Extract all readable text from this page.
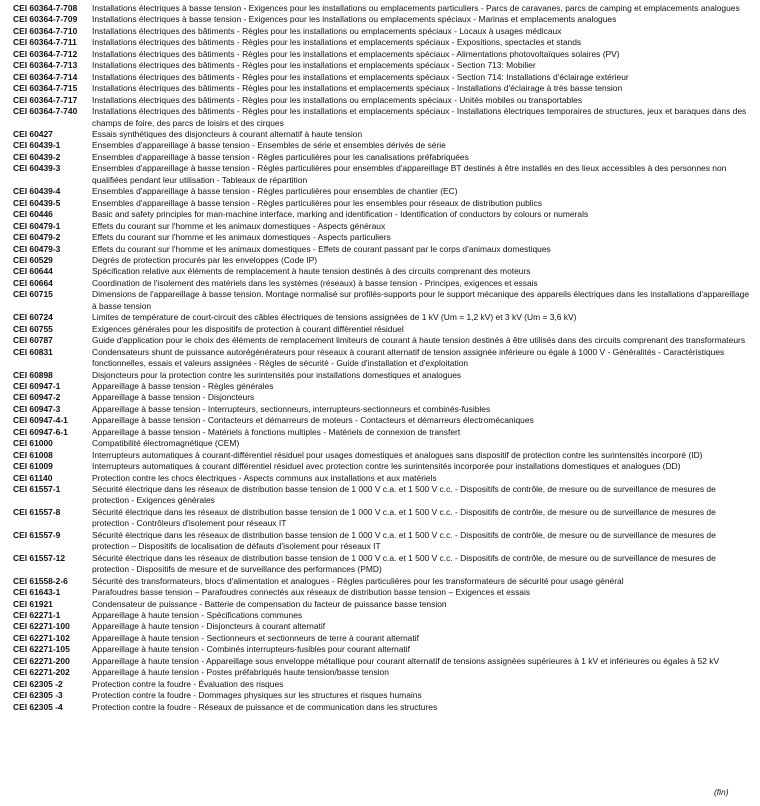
CEI 60364-7-708	Installations électriques à basse tension - Exigences pour les installations ou emplacements particuliers - Parcs de caravanes, parcs de camping et emplacements analogues
CEI 60364-7-709	Installations électriques à basse tension - Exigences pour les installations ou emplacements spéciaux - Marinas et emplacements analogues
CEI 60364-7-710	Installations électriques des bâtiments - Règles pour les installations ou emplacements spéciaux - Locaux à usages médicaux
CEI 60364-7-711	Installations électriques des bâtiments - Règles pour les installations et emplacements spéciaux - Expositions, spectacles et stands
CEI 60364-7-712	Installations électriques des bâtiments - Règles pour les installations et emplacements spéciaux - Alimentations photovoltaïques solaires (PV)
CEI 60364-7-713	Installations électriques des bâtiments - Règles pour les installations et emplacements spéciaux - Section 713: Mobilier
CEI 60364-7-714	Installations électriques des bâtiments - Règles pour les installations et emplacements spéciaux - Section 714: Installations d'éclairage extérieur
CEI 60364-7-715	Installations électriques des bâtiments - Règles pour les installations et emplacements spéciaux - Installations d'éclairage à très basse tension
CEI 60364-7-717	Installations électriques des bâtiments - Règles pour les installations ou emplacements spéciaux - Unités mobiles ou transportables
CEI 60364-7-740	Installations électriques des bâtiments - Règles pour les installations et emplacements spéciaux - Installations électriques temporaires de structures, jeux et baraques dans des champs de foire, des parcs de loisirs et des cirques
CEI 60427	Essais synthétiques des disjoncteurs à courant alternatif à haute tension
CEI 60439-1	Ensembles d'appareillage à basse tension - Ensembles de série et ensembles dérivés de série
CEI 60439-2	Ensembles d'appareillage à basse tension - Règles particulières pour les canalisations préfabriquées
CEI 60439-3	Ensembles d'appareillage à basse tension - Règles particulières pour ensembles d'appareillage BT destinés à être installés en des lieux accessibles à des personnes non qualifiées pendant leur utilisation - Tableaux de répartition
CEI 60439-4	Ensembles d'appareillage à basse tension - Règles particulières pour ensembles de chantier (EC)
CEI 60439-5	Ensembles d'appareillage à basse tension - Règles particulières pour les ensembles pour réseaux de distribution publics
CEI 60446	Basic and safety principles for man-machine interface, marking and identification - Identification of conductors by colours or numerals
CEI 60479-1	Effets du courant sur l'homme et les animaux domestiques - Aspects généraux
CEI 60479-2	Effets du courant sur l'homme et les animaux domestiques - Aspects particuliers
CEI 60479-3	Effets du courant sur l'homme et les animaux domestiques - Effets de courant passant par le corps d'animaux domestiques
CEI 60529	Degrés de protection procurés par les enveloppes (Code IP)
CEI 60644	Spécification relative aux éléments de remplacement à haute tension destinés à des circuits comprenant des moteurs
CEI 60664	Coordination de l'isolement des matériels dans les systèmes (réseaux) à basse tension - Principes, exigences et essais
CEI 60715	Dimensions de l'appareillage à basse tension. Montage normalisé sur profilés-supports pour le support mécanique des appareils électriques dans les installations d'appareillage à basse tension
CEI 60724	Limites de température de court-circuit des câbles électriques de tensions assignées de 1 kV (Um = 1,2 kV) et 3 kV (Um = 3,6 kV)
CEI 60755	Exigences générales pour les dispositifs de protection à courant différentiel résiduel
CEI 60787	Guide d'application pour le choix des éléments de remplacement limiteurs de courant à haute tension destinés à être utilisés dans des circuits comprenant des transformateurs
CEI 60831	Condensateurs shunt de puissance autorégénérateurs pour réseaux à courant alternatif de tension assignée inférieure ou égale à 1000 V - Généralités - Caractéristiques fonctionnelles, essais et valeurs assignées - Règles de sécurité - Guide d'installation et d'exploitation
CEI 60898	Disjoncteurs pour la protection contre les surintensités pour installations domestiques et analogues
CEI 60947-1	Appareillage à basse tension - Règles générales
CEI 60947-2	Appareillage à basse tension - Disjoncteurs
CEI 60947-3	Appareillage à basse tension - Interrupteurs, sectionneurs, interrupteurs-sectionneurs et combinés-fusibles
CEI 60947-4-1	Appareillage à basse tension - Contacteurs et démarreurs de moteurs - Contacteurs et démarreurs électromécaniques
CEI 60947-6-1	Appareillage à basse tension - Matériels à fonctions multiples - Matériels de connexion de transfert
CEI 61000	Compatibilité électromagnétique (CEM)
CEI 61008	Interrupteurs automatiques à courant-différentiel résiduel pour usages domestiques et analogues sans dispositif de protection contre les surintensités incorporé (ID)
CEI 61009	Interrupteurs automatiques à courant différentiel résiduel avec protection contre les surintensités incorporée pour installations domestiques et analogues (DD)
CEI 61140	Protection contre les chocs électriques - Aspects communs aux installations et aux matériels
CEI 61557-1	Sécurité électrique dans les réseaux de distribution basse tension de 1 000 V c.a. et 1 500 V c.c. - Dispositifs de contrôle, de mesure ou de surveillance de mesures de protection - Exigences générales
CEI 61557-8	Sécurité électrique dans les réseaux de distribution basse tension de 1 000 V c.a. et 1 500 V c.c. - Dispositifs de contrôle, de mesure ou de surveillance de mesures de protection - Contrôleurs d'isolement pour réseaux IT
CEI 61557-9	Sécurité électrique dans les réseaux de distribution basse tension de 1 000 V c.a. et 1 500 V c.c. - Dispositifs de contrôle, de mesure ou de surveillance de mesures de protection – Dispositifs de localisation de défauts d'isolement pour réseaux IT
CEI 61557-12	Sécurité électrique dans les réseaux de distribution basse tension de 1 000 V c.a. et 1 500 V c.c. - Dispositifs de contrôle, de mesure ou de surveillance de mesures de protection - Dispositifs de mesure et de surveillance des performances (PMD)
CEI 61558-2-6	Sécurité des transformateurs, blocs d'alimentation et analogues - Règles particulières pour les transformateurs de sécurité pour usage général
CEI 61643-1	Parafoudres basse tension – Parafoudres connectés aux réseaux de distribution basse tension – Exigences et essais
CEI 61921	Condensateur de puissance - Batterie de compensation du facteur de puissance basse tension
CEI 62271-1	Appareillage à haute tension - Spécifications communes
CEI 62271-100	Appareillage à haute tension - Disjoncteurs à courant alternatif
CEI 62271-102	Appareillage à haute tension - Sectionneurs et sectionneurs de terre à courant alternatif
CEI 62271-105	Appareillage à haute tension - Combinés interrupteurs-fusibles pour courant alternatif
CEI 62271-200	Appareillage à haute tension - Appareillage sous enveloppe métallique pour courant alternatif de tensions assignées supérieures à 1 kV et inférieures ou égales à 52 kV
CEI 62271-202	Appareillage à haute tension - Postes préfabriqués haute tension/basse tension
CEI 62305 -2	Protection contre la foudre - Évaluation des risques
CEI 62305 -3	Protection contre la foudre - Dommages physiques sur les structures et risques humains
CEI 62305 -4	Protection contre la foudre - Réseaux de puissance et de communication dans les structures
(fin)
